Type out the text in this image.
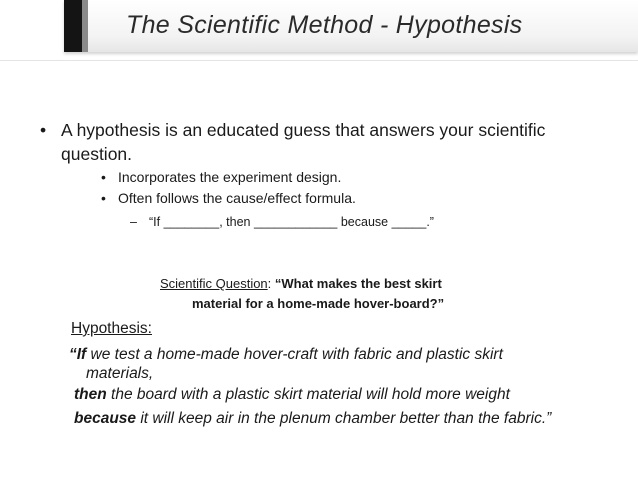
The Scientific Method - Hypothesis
• A hypothesis is an educated guess that answers your scientific
question.
• Incorporates the experiment design.
• Often follows the cause/effect formula.
– “If ________, then ____________ because _____.”
Scientific Question: “What makes the best skirt
material for a home-made hover-board?”
Hypothesis:
“If we test a home-made hover-craft with fabric and plastic skirt
materials,
then the board with a plastic skirt material will hold more weight
because it will keep air in the plenum chamber better than the fabric.”
